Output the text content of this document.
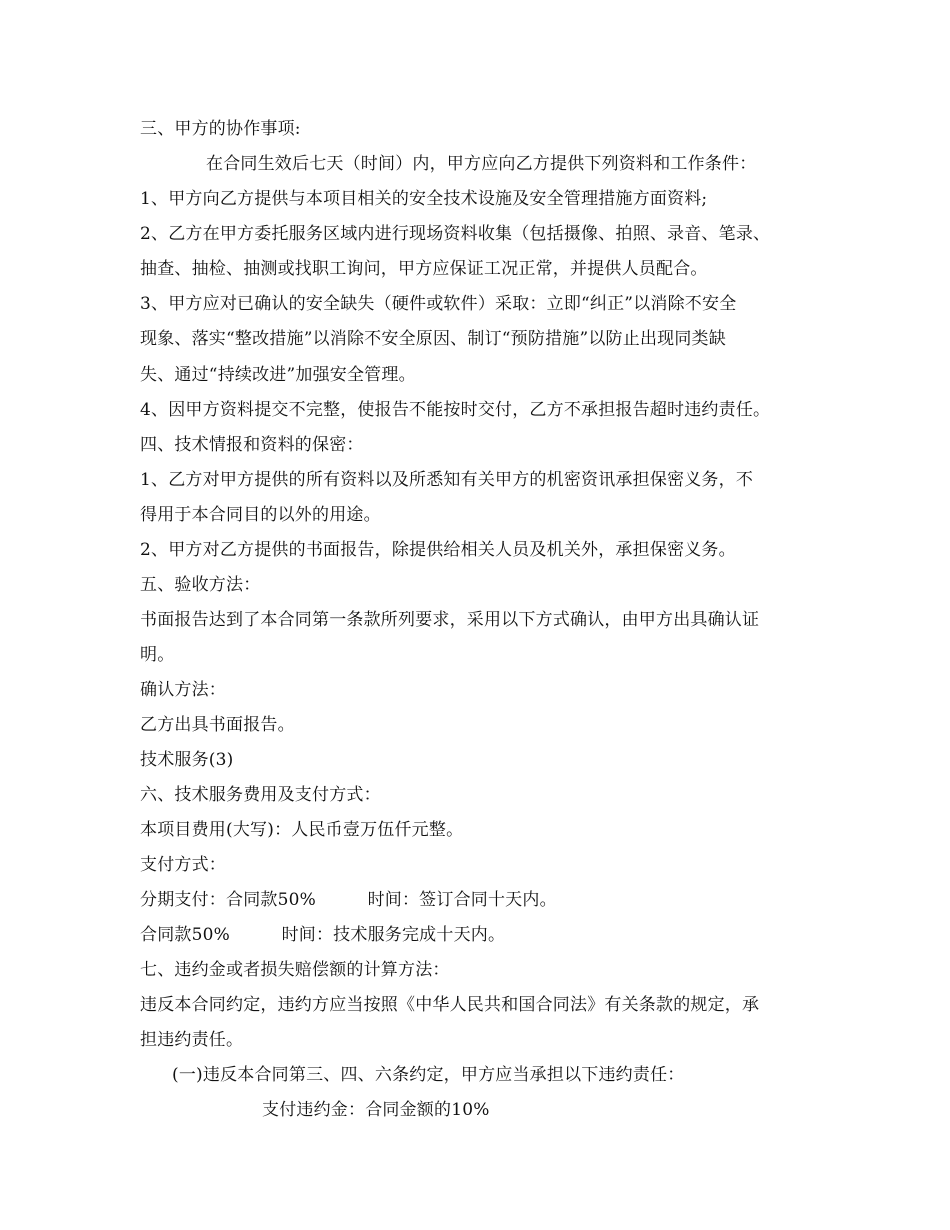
三、甲方的协作事项:
在合同生效后七天（时间）内，甲方应向乙方提供下列资料和工作条件：
1、甲方向乙方提供与本项目相关的安全技术设施及安全管理措施方面资料;
2、乙方在甲方委托服务区域内进行现场资料收集（包括摄像、拍照、录音、笔录、
抽查、抽检、抽测或找职工询问，甲方应保证工况正常，并提供人员配合。
3、甲方应对已确认的安全缺失（硬件或软件）采取：立即“纠正”以消除不安全
现象、落实“整改措施”以消除不安全原因、制订“预防措施”以防止出现同类缺
失、通过“持续改进”加强安全管理。
4、因甲方资料提交不完整，使报告不能按时交付，乙方不承担报告超时违约责任。
四、技术情报和资料的保密：
1、乙方对甲方提供的所有资料以及所悉知有关甲方的机密资讯承担保密义务，不
得用于本合同目的以外的用途。
2、甲方对乙方提供的书面报告，除提供给相关人员及机关外，承担保密义务。
五、验收方法：
书面报告达到了本合同第一条款所列要求，采用以下方式确认，由甲方出具确认证
明。
确认方法：
乙方出具书面报告。
技术服务(3)
六、技术服务费用及支付方式：
本项目费用(大写)：人民币壹万伍仟元整。
支付方式：
分期支付：合同款50%　　　时间：签订合同十天内。
合同款50%　　　时间：技术服务完成十天内。
七、违约金或者损失赔偿额的计算方法：
违反本合同约定，违约方应当按照《中华人民共和国合同法》有关条款的规定，承
担违约责任。
(一)违反本合同第三、四、六条约定，甲方应当承担以下违约责任：
支付违约金：合同金额的10%
